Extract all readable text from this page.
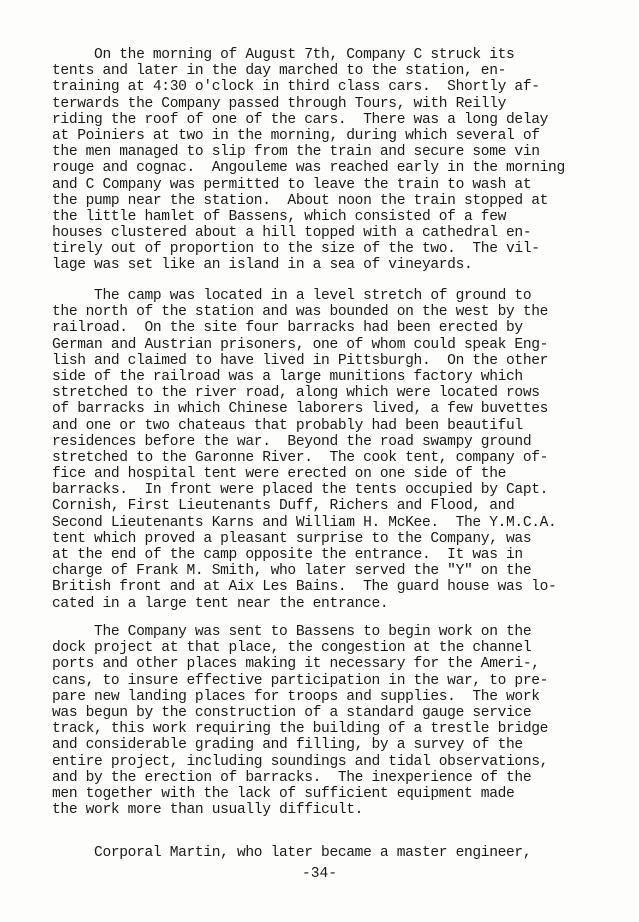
On the morning of August 7th, Company C struck its
tents and later in the day marched to the station, en-
training at 4:30 o'clock in third class cars.  Shortly af-
terwards the Company passed through Tours, with Reilly
riding the roof of one of the cars.  There was a long delay
at Poiniers at two in the morning, during which several of
the men managed to slip from the train and secure some vin
rouge and cognac.  Angouleme was reached early in the morning
and C Company was permitted to leave the train to wash at
the pump near the station.  About noon the train stopped at
the little hamlet of Bassens, which consisted of a few
houses clustered about a hill topped with a cathedral en-
tirely out of proportion to the size of the two.  The vil-
lage was set like an island in a sea of vineyards.
The camp was located in a level stretch of ground to
the north of the station and was bounded on the west by the
railroad.  On the site four barracks had been erected by
German and Austrian prisoners, one of whom could speak Eng-
lish and claimed to have lived in Pittsburgh.  On the other
side of the railroad was a large munitions factory which
stretched to the river road, along which were located rows
of barracks in which Chinese laborers lived, a few buvettes
and one or two chateaus that probably had been beautiful
residences before the war.  Beyond the road swampy ground
stretched to the Garonne River.  The cook tent, company of-
fice and hospital tent were erected on one side of the
barracks.  In front were placed the tents occupied by Capt.
Cornish, First Lieutenants Duff, Richers and Flood, and
Second Lieutenants Karns and William H. McKee.  The Y.M.C.A.
tent which proved a pleasant surprise to the Company, was
at the end of the camp opposite the entrance.  It was in
charge of Frank M. Smith, who later served the "Y" on the
British front and at Aix Les Bains.  The guard house was lo-
cated in a large tent near the entrance.
The Company was sent to Bassens to begin work on the
dock project at that place, the congestion at the channel
ports and other places making it necessary for the Ameri-,
cans, to insure effective participation in the war, to pre-
pare new landing places for troops and supplies.  The work
was begun by the construction of a standard gauge service
track, this work requiring the building of a trestle bridge
and considerable grading and filling, by a survey of the
entire project, including soundings and tidal observations,
and by the erection of barracks.  The inexperience of the
men together with the lack of sufficient equipment made
the work more than usually difficult.
Corporal Martin, who later became a master engineer,
-34-
